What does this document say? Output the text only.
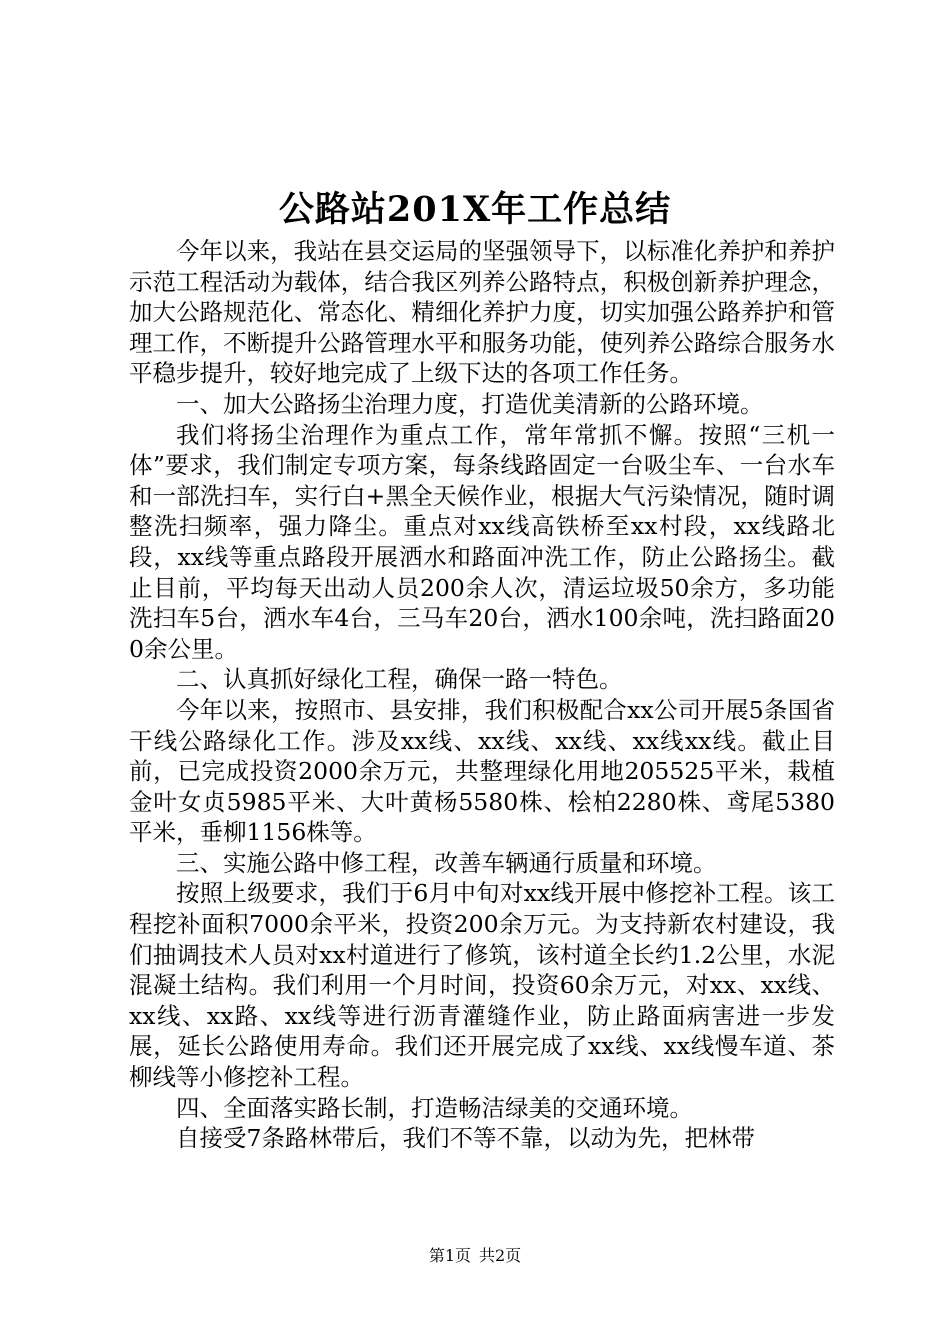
公路站201X年工作总结

今年以来，我站在县交运局的坚强领导下，以标准化养护和养护示范工程活动为载体，结合我区列养公路特点，积极创新养护理念，加大公路规范化、常态化、精细化养护力度，切实加强公路养护和管理工作，不断提升公路管理水平和服务功能，使列养公路综合服务水平稳步提升，较好地完成了上级下达的各项工作任务。

一、加大公路扬尘治理力度，打造优美清新的公路环境。

我们将扬尘治理作为重点工作，常年常抓不懈。按照“三机一体”要求，我们制定专项方案，每条线路固定一台吸尘车、一台水车和一部洗扫车，实行白+黑全天候作业，根据大气污染情况，随时调整洗扫频率，强力降尘。重点对xx线高铁桥至xx村段，xx线路北段，xx线等重点路段开展洒水和路面冲洗工作，防止公路扬尘。截止目前，平均每天出动人员200余人次，清运垃圾50余方，多功能洗扫车5台，洒水车4台，三马车20台，洒水100余吨，洗扫路面200余公里。

二、认真抓好绿化工程，确保一路一特色。

今年以来，按照市、县安排，我们积极配合xx公司开展5条国省干线公路绿化工作。涉及xx线、xx线、xx线、xx线xx线。截止目前，已完成投资2000余万元，共整理绿化用地205525平米，栽植金叶女贞5985平米、大叶黄杨5580株、桧柏2280株、鸢尾5380平米，垂柳1156株等。

三、实施公路中修工程，改善车辆通行质量和环境。

按照上级要求，我们于6月中旬对xx线开展中修挖补工程。该工程挖补面积7000余平米，投资200余万元。为支持新农村建设，我们抽调技术人员对xx村道进行了修筑，该村道全长约1.2公里，水泥混凝土结构。我们利用一个月时间，投资60余万元，对xx、xx线、xx线、xx路、xx线等进行沥青灌缝作业，防止路面病害进一步发展，延长公路使用寿命。我们还开展完成了xx线、xx线慢车道、茶柳线等小修挖补工程。

四、全面落实路长制，打造畅洁绿美的交通环境。

自接受7条路林带后，我们不等不靠，以动为先，把林带

第1页 共2页
